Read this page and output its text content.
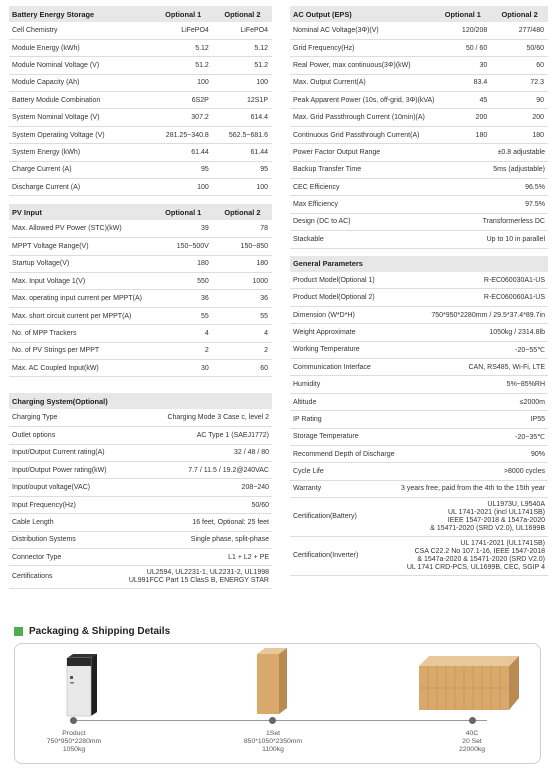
Battery Energy Storage	Optional 1	Optional 2
Cell Chemistry	LiFePO4	LiFePO4
Module Energy (kWh)	5.12	5.12
Module Nominal Voltage (V)	51.2	51.2
Module Capacity (Ah)	100	100
Battery Module Combination	6S2P	12S1P
System Nominal Voltage (V)	307.2	614.4
System Operating Voltage (V)	281.25~340.8	562.5~681.6
System Energy (kWh)	61.44	61.44
Charge Current (A)	95	95
Discharge Current (A)	100	100
PV Input	Optional 1	Optional 2
Max. Allowed PV Power (STC)(kW)	39	78
MPPT Voltage Range(V)	150~500V	150~850
Startup Voltage(V)	180	180
Max. Input Voltage 1(V)	550	1000
Max. operating input current per MPPT(A)	36	36
Max. short circuit current per MPPT(A)	55	55
No. of MPP Trackers	4	4
No. of PV Strings per MPPT	2	2
Max. AC Coupled Input(kW)	30	60
Charging System(Optional)	
Charging Type	Charging Mode 3 Case c, level 2
Outlet options	AC Type 1 (SAEJ1772)
Input/Output Current rating(A)	32 / 48 / 80
Input/Output Power rating(kW)	7.7 / 11.5 / 19.2@240VAC
Input/ouput voltage(VAC)	208~240
Input Frequency(Hz)	50/60
Cable Length	16 feet, Optional: 25 feet
Distribution Systems	Single phase, split-phase
Connector Type	L1 + L2 + PE
Certifications	UL2594, UL2231-1, UL2231-2, UL1998
UL991FCC Part 15 ClasS B, ENERGY STAR
AC Output (EPS)	Optional 1	Optional 2
Nominal AC Voltage(3Φ)(V)	120/208	277/480
Grid Frequency(Hz)	50 / 60	50/60
Real Power, max continuous(3Φ)(kW)	30	60
Max. Output Current(A)	83.4	72.3
Peak Apparent Power (10s, off-grid, 3Φ)(kVA)	45	90
Max. Grid Passthrough Current (10min)(A)	200	200
Continuous Grid Passthrough Current(A)	180	180
Power Factor Output Range	±0.8 adjustable	
Backup Transfer Time	5ms (adjustable)	
CEC Efficiency	96.5%	
Max Efficiency	97.5%	
Design (DC to AC)	Transformerless DC	
Stackable	Up to 10 in parallel	
General Parameters	
Product Model(Optional 1)	R-EC060030A1-US
Product Model(Optional 2)	R-EC060060A1-US
Dimension (W*D*H)	750*950*2280mm / 29.5*37.4*89.7in
Weight Approximate	1050kg / 2314.8lb
Working Temperature	-20~55℃
Communication Interface	CAN, RS485, Wi-Fi, LTE
Humidity	5%~85%RH
Altitude	≤2000m
IP Rating	IP55
Storage Temperature	-20~35℃
Recommend Depth of Discharge	90%
Cycle Life	>8000 cycles
Warranty	3 years free, paid from the 4th to the 15th year
Certification(Battery)	UL1973U, L9540A
UL 1741-2021 (incl UL1741SB)
IEEE 1547-2018 & 1547a-2020
& 15471-2020 (SRD V2.0), UL1699B
Certification(Inverter)	UL 1741-2021 (UL1741SB)
CSA C22.2 No 107.1-16, IEEE 1547-2018
& 1547a-2020 & 15471-2020 (SRD V2.0)
UL 1741 CRD-PCS, UL1699B, CEC, SGIP 4
Packaging & Shipping Details
Product
750*950*2280mm
1050kg
1Set
850*1050*2350mm
1100kg
40C
20 Set
22000kg
